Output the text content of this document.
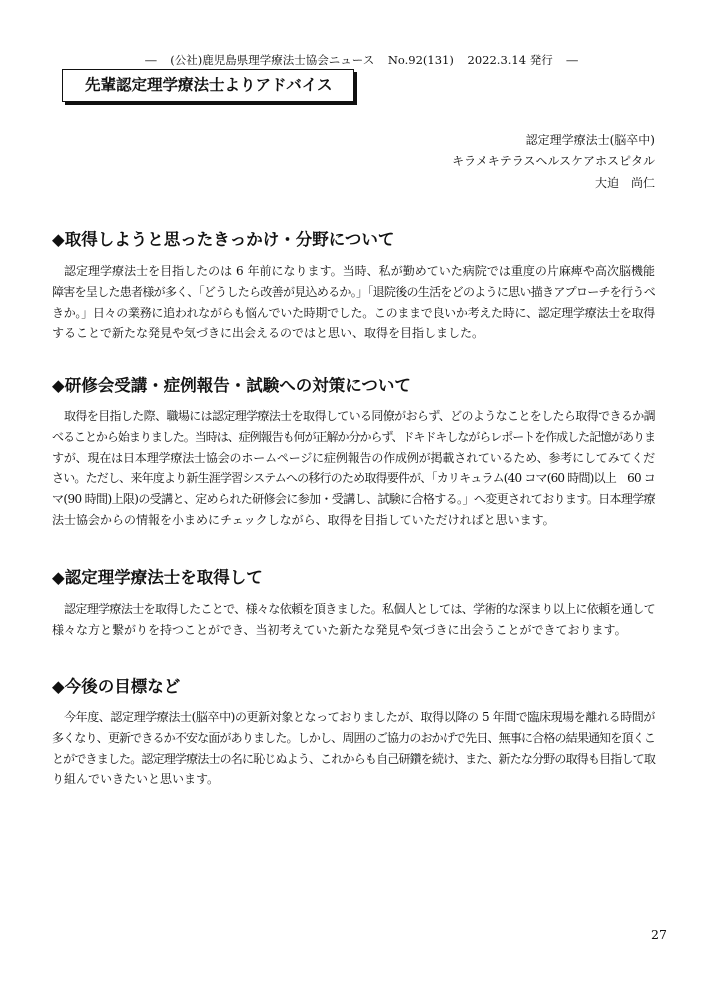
― (公社)鹿児島県理学療法士協会ニュース No.92(131) 2022.3.14 発行 ―
先輩認定理学療法士よりアドバイス
認定理学療法士(脳卒中)
キラメキテラスヘルスケアホスピタル
大迫　尚仁
◆取得しようと思ったきっかけ・分野について
認定理学療法士を目指したのは 6 年前になります。当時、私が勤めていた病院では重度の片麻痺や高次脳機能
障害を呈した患者様が多く、「どうしたら改善が見込めるか。」「退院後の生活をどのように思い描きアプローチを行うべ
きか。」日々の業務に追われながらも悩んでいた時期でした。このままで良いか考えた時に、認定理学療法士を取得
することで新たな発見や気づきに出会えるのではと思い、取得を目指しました。
◆研修会受講・症例報告・試験への対策について
取得を目指した際、職場には認定理学療法士を取得している同僚がおらず、どのようなことをしたら取得できるか調
べることから始まりました。当時は、症例報告も何が正解か分からず、ドキドキしながらレポートを作成した記憶がありま
すが、現在は日本理学療法士協会のホームページに症例報告の作成例が掲載されているため、参考にしてみてくだ
さい。ただし、来年度より新生涯学習システムへの移行のため取得要件が、「カリキュラム(40 コマ(60 時間)以上　60 コ
マ(90 時間)上限)の受講と、定められた研修会に参加・受講し、試験に合格する。」へ変更されております。日本理学療
法士協会からの情報を小まめにチェックしながら、取得を目指していただければと思います。
◆認定理学療法士を取得して
認定理学療法士を取得したことで、様々な依頼を頂きました。私個人としては、学術的な深まり以上に依頼を通して
様々な方と繋がりを持つことができ、当初考えていた新たな発見や気づきに出会うことができております。
◆今後の目標など
今年度、認定理学療法士(脳卒中)の更新対象となっておりましたが、取得以降の 5 年間で臨床現場を離れる時間が
多くなり、更新できるか不安な面がありました。しかし、周囲のご協力のおかげで先日、無事に合格の結果通知を頂くこ
とができました。認定理学療法士の名に恥じぬよう、これからも自己研鑽を続け、また、新たな分野の取得も目指して取
り組んでいきたいと思います。
27
